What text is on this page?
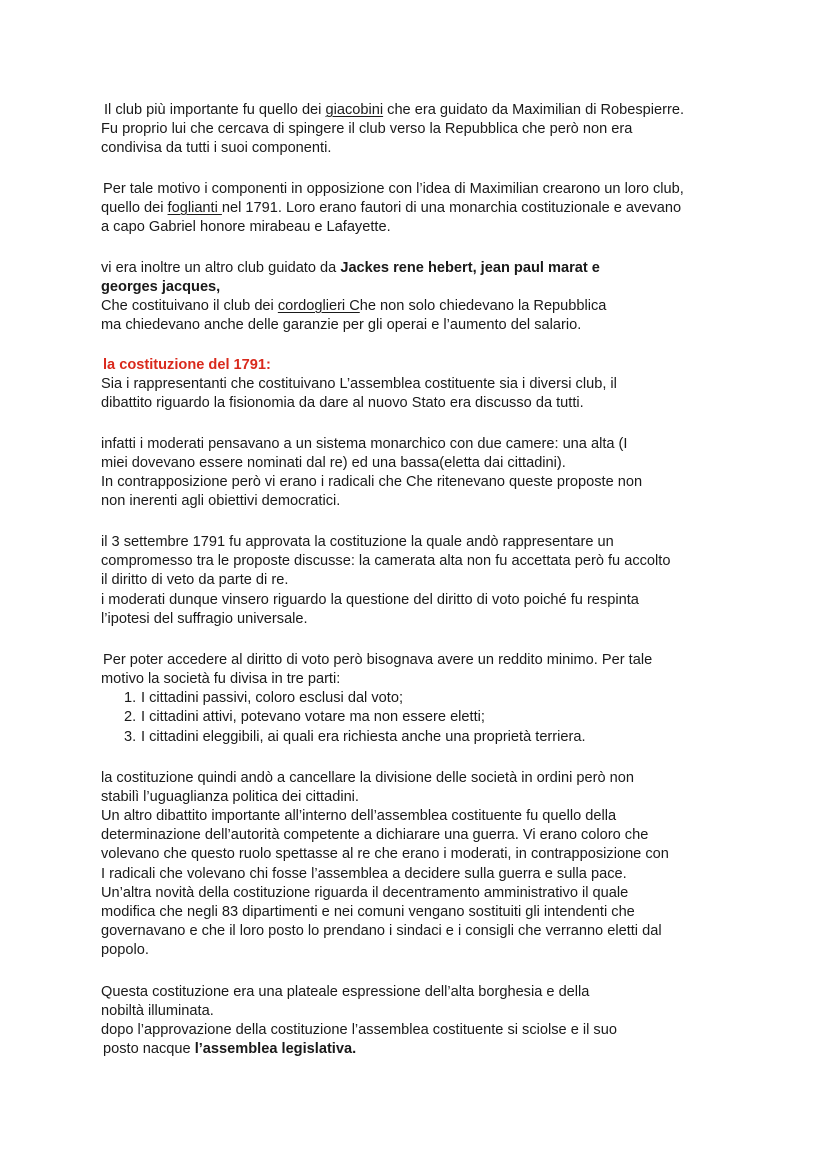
Il club più importante fu quello dei giacobini che era guidato da Maximilian di Robespierre.
Fu proprio lui che cercava di spingere il club verso la Repubblica che però non era
condivisa da tutti i suoi componenti.
Per tale motivo i componenti in opposizione con l’idea di Maximilian crearono un loro club,
quello dei foglianti nel 1791. Loro erano fautori di una monarchia costituzionale e avevano
a capo Gabriel honore mirabeau e Lafayette.
vi era inoltre un altro club guidato da Jackes rene hebert, jean paul marat e
georges jacques,
Che costituivano il club dei cordoglieri Che non solo chiedevano la Repubblica
ma chiedevano anche delle garanzie per gli operai e l’aumento del salario.
la costituzione del 1791:
Sia i rappresentanti che costituivano L’assemblea costituente sia i diversi club, il
dibattito riguardo la fisionomia da dare al nuovo Stato era discusso da tutti.
infatti i moderati pensavano a un sistema monarchico con due camere: una alta (I
miei dovevano essere nominati dal re) ed una bassa(eletta dai cittadini).
In contrapposizione però vi erano i radicali che Che ritenevano queste proposte non
non inerenti agli obiettivi democratici.
il 3 settembre 1791 fu approvata la costituzione la quale andò rappresentare un
compromesso tra le proposte discusse: la camerata alta non fu accettata però fu accolto
il diritto di veto da parte di re.
i moderati dunque vinsero riguardo la questione del diritto di voto poiché fu respinta
l’ipotesi del suffragio universale.
Per poter accedere al diritto di voto però bisognava avere un reddito minimo. Per tale
motivo la società fu divisa in tre parti:
1. I cittadini passivi, coloro esclusi dal voto;
2. I cittadini attivi, potevano votare ma non essere eletti;
3. I cittadini eleggibili, ai quali era richiesta anche una proprietà terriera.
la costituzione quindi andò a cancellare la divisione delle società in ordini però non
stabilì l’uguaglianza politica dei cittadini.
Un altro dibattito importante all’interno dell’assemblea costituente fu quello della
determinazione dell’autorità competente a dichiarare una guerra. Vi erano coloro che
volevano che questo ruolo spettasse al re che erano i moderati, in contrapposizione con
I radicali che volevano chi fosse l’assemblea a decidere sulla guerra e sulla pace.
Un’altra novità della costituzione riguarda il decentramento amministrativo il quale
modifica che negli 83 dipartimenti e nei comuni vengano sostituiti gli intendenti che
governavano e che il loro posto lo prendano i sindaci e i consigli che verranno eletti dal
popolo.
Questa costituzione era una plateale espressione dell’alta borghesia e della
nobiltà illuminata.
dopo l’approvazione della costituzione l’assemblea costituente si sciolse e il suo
posto nacque l’assemblea legislativa.
